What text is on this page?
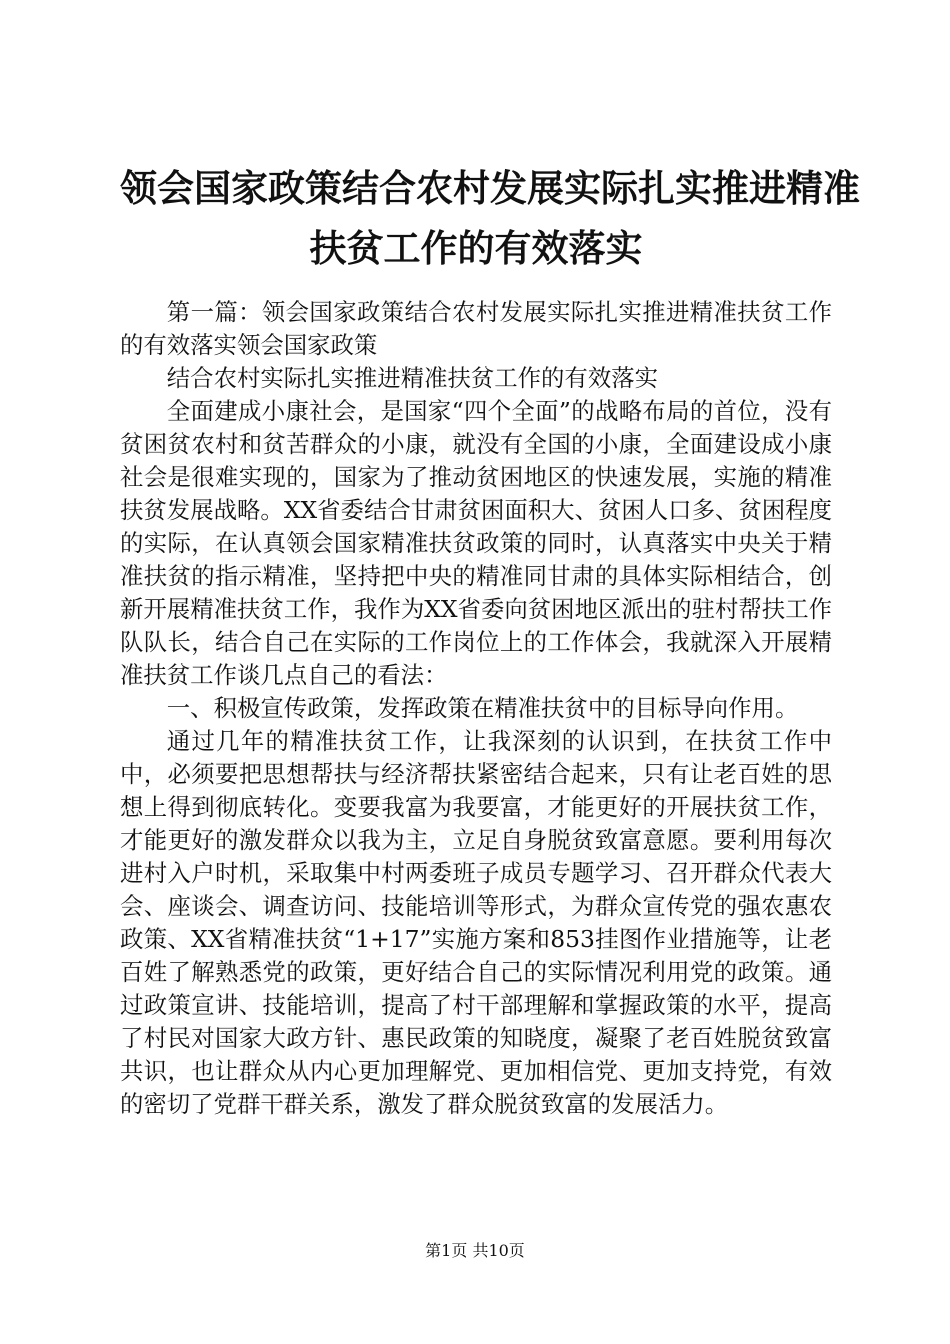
领会国家政策结合农村发展实际扎实推进精准
扶贫工作的有效落实

第一篇：领会国家政策结合农村发展实际扎实推进精准扶贫工作的有效落实领会国家政策

结合农村实际扎实推进精准扶贫工作的有效落实

全面建成小康社会，是国家“四个全面”的战略布局的首位，没有贫困贫农村和贫苦群众的小康，就没有全国的小康，全面建设成小康社会是很难实现的，国家为了推动贫困地区的快速发展，实施的精准扶贫发展战略。XX省委结合甘肃贫困面积大、贫困人口多、贫困程度的实际，在认真领会国家精准扶贫政策的同时，认真落实中央关于精准扶贫的指示精准，坚持把中央的精准同甘肃的具体实际相结合，创新开展精准扶贫工作，我作为XX省委向贫困地区派出的驻村帮扶工作队队长，结合自己在实际的工作岗位上的工作体会，我就深入开展精准扶贫工作谈几点自己的看法：

一、积极宣传政策，发挥政策在精准扶贫中的目标导向作用。

通过几年的精准扶贫工作，让我深刻的认识到，在扶贫工作中中，必须要把思想帮扶与经济帮扶紧密结合起来，只有让老百姓的思想上得到彻底转化。变要我富为我要富，才能更好的开展扶贫工作，才能更好的激发群众以我为主，立足自身脱贫致富意愿。要利用每次进村入户时机，采取集中村两委班子成员专题学习、召开群众代表大会、座谈会、调查访问、技能培训等形式，为群众宣传党的强农惠农政策、XX省精准扶贫“1+17”实施方案和853挂图作业措施等，让老百姓了解熟悉党的政策，更好结合自己的实际情况利用党的政策。通过政策宣讲、技能培训，提高了村干部理解和掌握政策的水平，提高了村民对国家大政方针、惠民政策的知晓度，凝聚了老百姓脱贫致富共识，也让群众从内心更加理解党、更加相信党、更加支持党，有效的密切了党群干群关系，激发了群众脱贫致富的发展活力。

第1页 共10页
